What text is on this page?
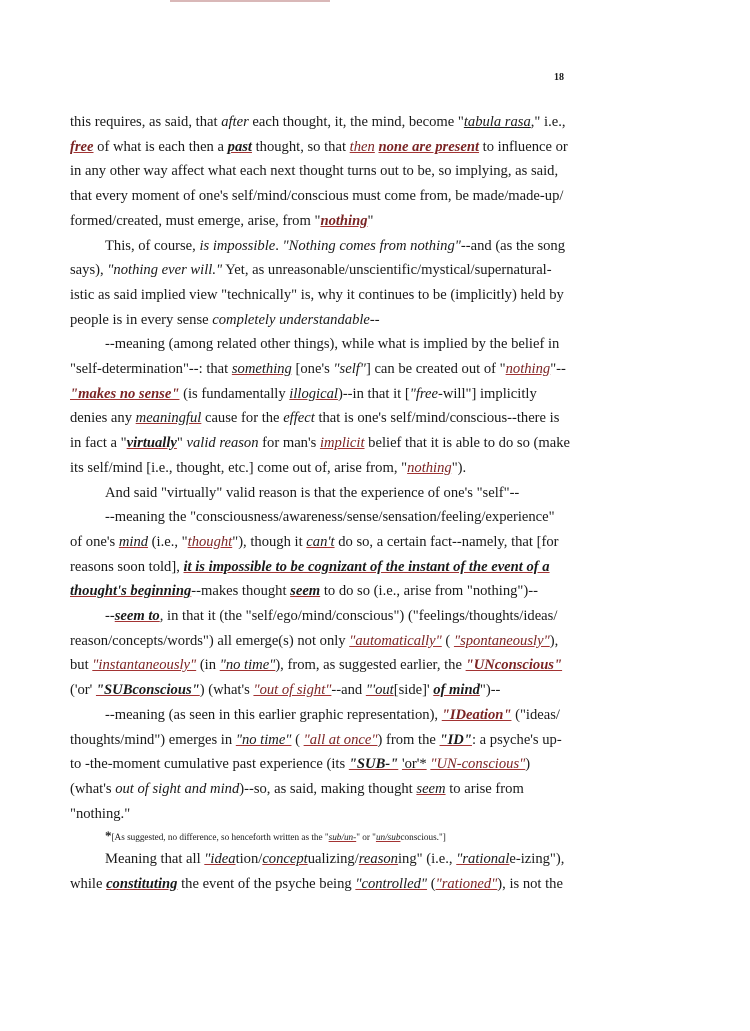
18

this requires, as said, that after each thought, it, the mind, become "tabula rasa," i.e., free of what is each then a past thought, so that then none are present to influence or in any other way affect what each next thought turns out to be, so implying, as said, that every moment of one's self/mind/conscious must come from, be made/made-up/ formed/created, must emerge, arise, from "nothing"

This, of course, is impossible. "Nothing comes from nothing"--and (as the song says), "nothing ever will." Yet, as unreasonable/unscientific/mystical/supernatural-istic as said implied view "technically" is, why it continues to be (implicitly) held by people is in every sense completely understandable--

--meaning (among related other things), while what is implied by the belief in "self-determination"--: that something [one's "self"] can be created out of "nothing"-- "makes no sense" (is fundamentally illogical)--in that it ["free-will"] implicitly denies any meaningful cause for the effect that is one's self/mind/conscious--there is in fact a "virtually" valid reason for man's implicit belief that it is able to do so (make its self/mind [i.e., thought, etc.] come out of, arise from, "nothing").

And said "virtually" valid reason is that the experience of one's "self"--

--meaning the "consciousness/awareness/sense/sensation/feeling/experience" of one's mind (i.e., "thought"), though it can't do so, a certain fact--namely, that [for reasons soon told], it is impossible to be cognizant of the instant of the event of a thought's beginning--makes thought seem to do so (i.e., arise from "nothing")--

--seem to, in that it (the "self/ego/mind/conscious") ("feelings/thoughts/ideas/ reason/concepts/words") all emerge(s) not only "automatically" ( "spontaneously"), but "instantaneously" (in "no time"), from, as suggested earlier, the "UNconscious" ('or' "SUBconscious") (what's "out of sight"--and "'out[side]' of mind")--

--meaning (as seen in this earlier graphic representation), "IDeation" ("ideas/ thoughts/mind") emerges in "no time" ( "all at once") from the "ID": a psyche's up-to -the-moment cumulative past experience (its "SUB-" 'or'* "UN-conscious") (what's out of sight and mind)--so, as said, making thought seem to arise from "nothing."

*[As suggested, no difference, so henceforth written as the "sub/un-" or "un/subconscious."]

Meaning that all "ideation/conceptualizing/reasoning" (i.e., "rationale-izing"), while constituting the event of the psyche being "controlled" ("rationed"), is not the
